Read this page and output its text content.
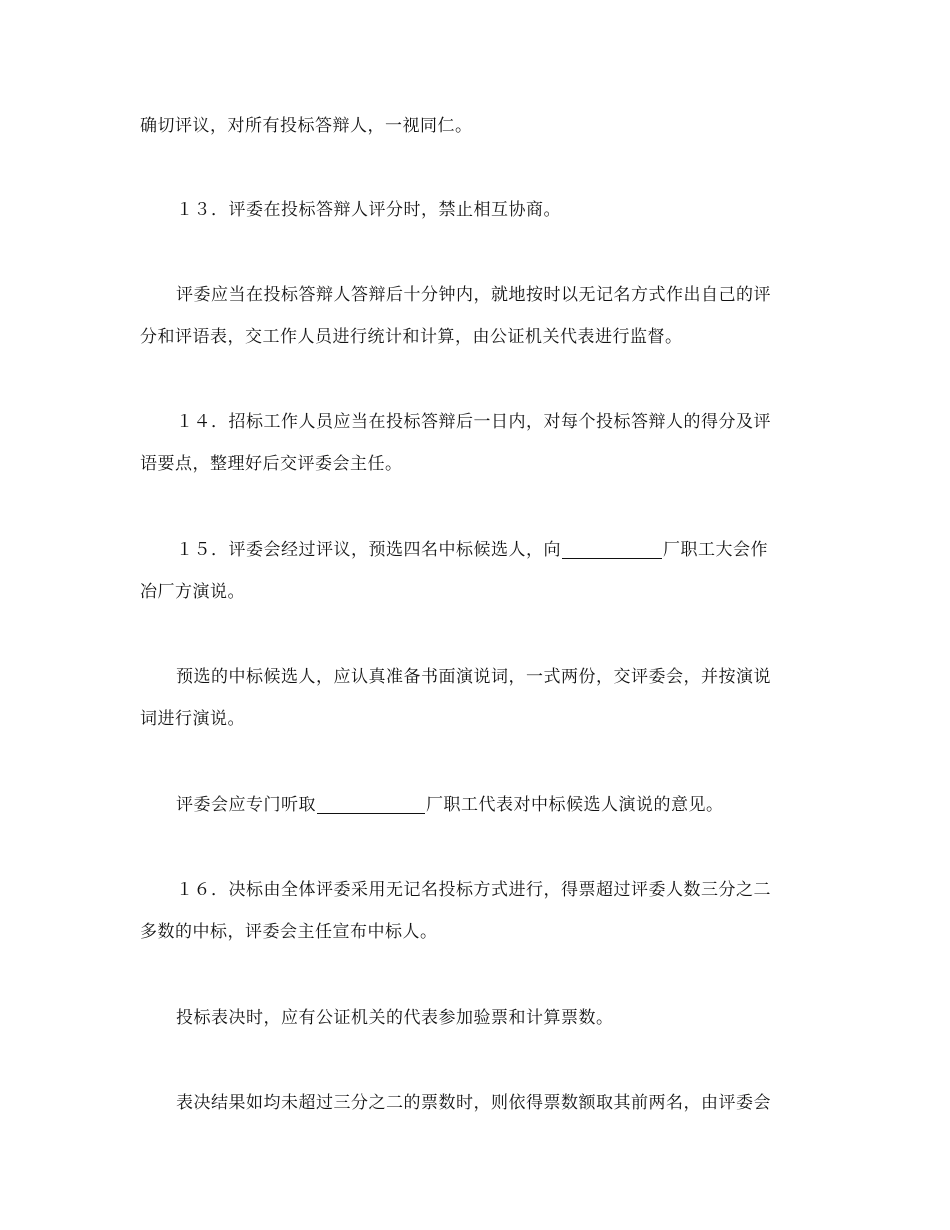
确切评议，对所有投标答辩人，一视同仁。
１３．评委在投标答辩人评分时，禁止相互协商。
评委应当在投标答辩人答辩后十分钟内，就地按时以无记名方式作出自己的评
分和评语表，交工作人员进行统计和计算，由公证机关代表进行监督。
１４．招标工作人员应当在投标答辩后一日内，对每个投标答辩人的得分及评
语要点，整理好后交评委会主任。
１５．评委会经过评议，预选四名中标候选人，向	厂职工大会作
冶厂方演说。
预选的中标候选人，应认真准备书面演说词，一式两份，交评委会，并按演说
词进行演说。
评委会应专门听取	厂职工代表对中标候选人演说的意见。
１６．决标由全体评委采用无记名投标方式进行，得票超过评委人数三分之二
多数的中标，评委会主任宣布中标人。
投标表决时，应有公证机关的代表参加验票和计算票数。
表决结果如均未超过三分之二的票数时，则依得票数额取其前两名，由评委会
